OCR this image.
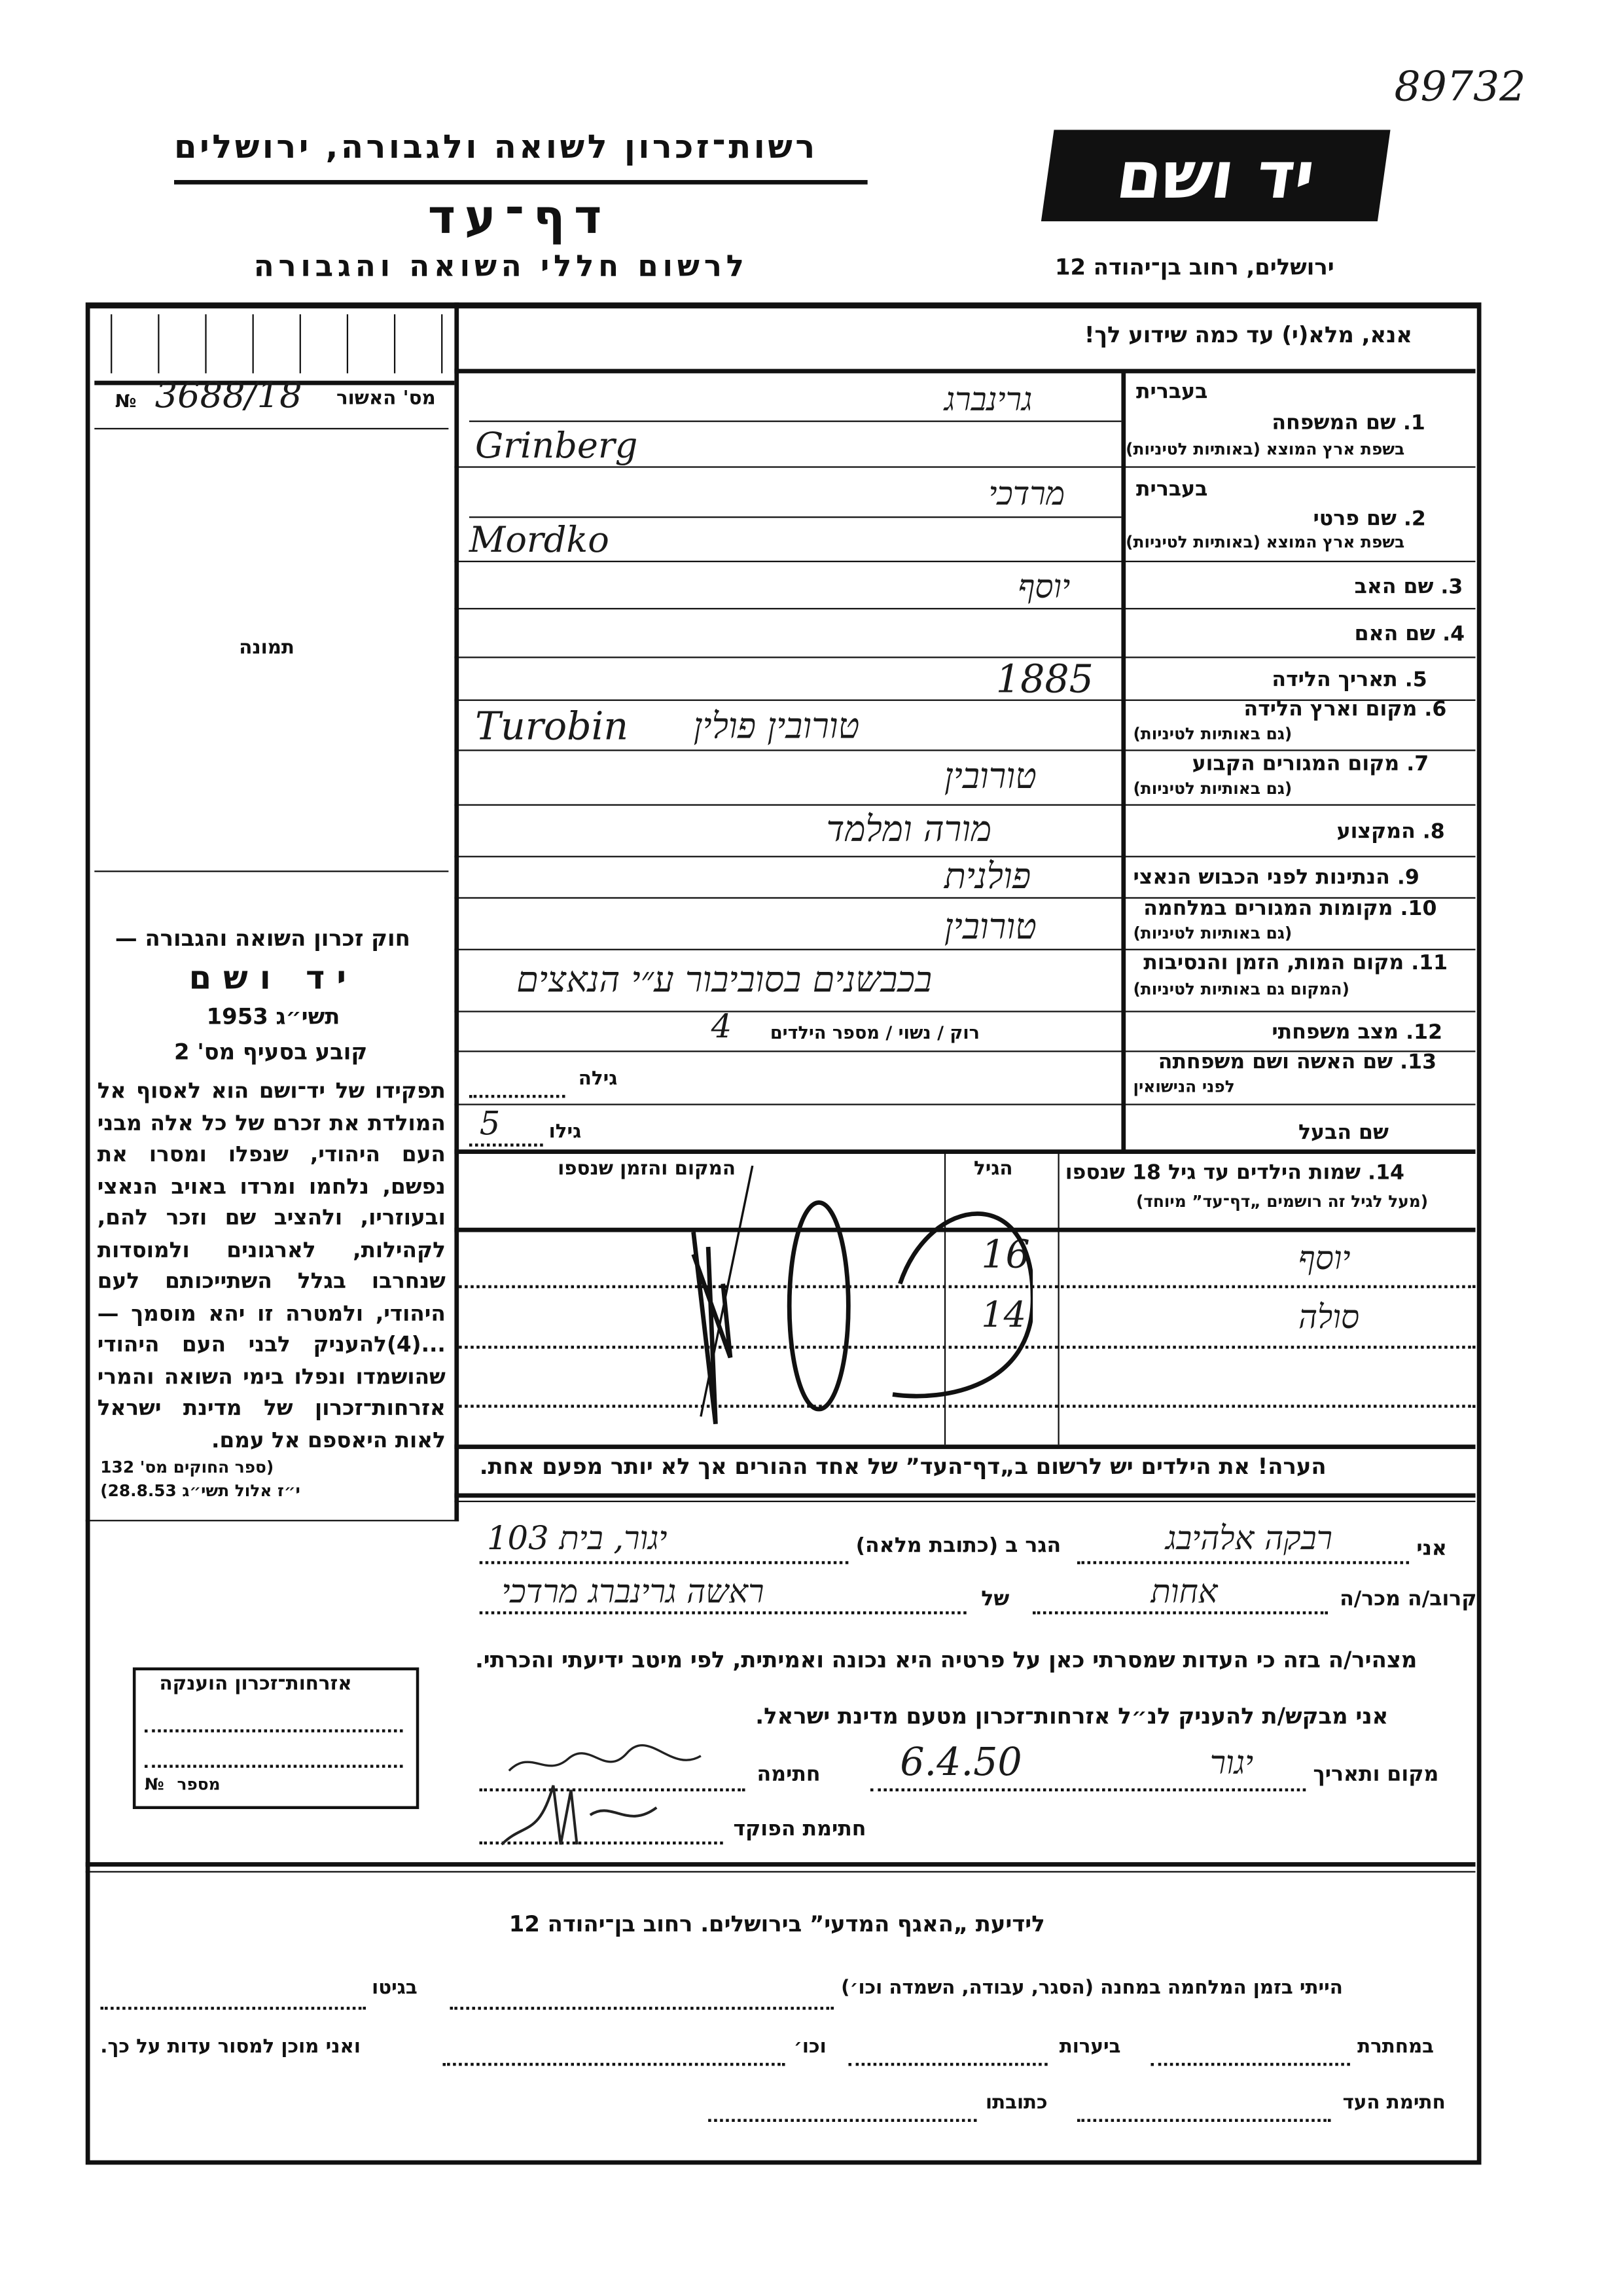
רשות־זכרון לשואה ולגבורה, ירושלים
דף־עד
לרשום חללי השואה והגבורה
יד ושם
ירושלים, רחוב בן־יהודה 12
89732
מס' האשור
№ 3688/18
תמונה
חוק זכרון השואה והגבורה —
יד ושם
תשי״ג 1953
קובע בסעיף מס' 2
תפקידו של יד־ושם הוא לאסוף אל המולדת את זכרם של כל אלה מבני העם היהודי, שנפלו ומסרו את נפשם, נלחמו ומרדו באויב הנאצי ובעוזריו, ולהציב שם וזכר להם, לקהילות, לארגונים ולמוסדות שנחרבו בגלל השתייכותם לעם היהודי, ולמטרה זו יהא מוסמך — ...(4)להעניק לבני העם היהודי שהושמדו ונפלו בימי השואה והמרי אזרחות־זכרון של מדינת ישראל לאות היאספם אל עמם.
(ספר החוקים מס' 132
י״ז אלול תשי״ג 28.8.53)
אזרחות־זכרון הוענקה
מספר
№
אנא, מלא(י) עד כמה שידוע לך!
בעברית
1. שם המשפחה
בשפת ארץ המוצא (באותיות לטיניות)
בעברית
2. שם פרטי
בשפת ארץ המוצא (באותיות לטיניות)
3. שם האב
4. שם האם
5. תאריך הלידה
6. מקום וארץ הלידה
(גם באותיות לטיניות)
7. מקום המגורים הקבוע
(גם באותיות לטיניות)
8. המקצוע
9. הנתינות לפני הכבוש הנאצי
10. מקומות המגורים במלחמה
(גם באותיות לטיניות)
11. מקום המות, הזמן והנסיבות
(המקום גם באותיות לטיניות)
12. מצב משפחתי
13. שם האשה ושם משפחתה
לפני הנישואין
שם הבעל
גרינברג
Grinberg
מרדכי
Mordko
יוסף
1885
טורובין פולין
Turobin
טורובין
מורה ומלמד
פולנית
טורובין
בכבשנים בסוביבור ע״י הנאצים
רוק / נשוי / מספר הילדים
4
גילה
גילו
5
14. שמות הילדים עד גיל 18 שנספו
(מעל לגיל זה רושמים „דף־עד” מיוחד)
הגיל
המקום והזמן שנספו
יוסף
16
סולה
14
הערה! את הילדים יש לרשום ב„דף־העד” של אחד ההורים אך לא יותר מפעם אחת.
אני
רבקה אלהיבג
הגר ב (כתובת מלאה)
יגור, בית 103
קרוב/ה מכר/ה
אחות
של
ראשה גרינברג מרדכי
מצהיר/ה בזה כי העדות שמסרתי כאן על פרטיה היא נכונה ואמיתית, לפי מיטב ידיעתי והכרתי.
אני מבקש/ת להעניק לנ״ל אזרחות־זכרון מטעם מדינת ישראל.
מקום ותאריך
יגור
6.4.50
חתימה
חתימת הפוקד
לידיעת „האגף המדעי” בירושלים. רחוב בן־יהודה 12
הייתי בזמן המלחמה במחנה (הסגר, עבודה, השמדה וכו׳)
בגיטו
במחתרת
ביערות
וכו׳
ואני מוכן למסור עדות על כך.
חתימת העד
כתובתו
